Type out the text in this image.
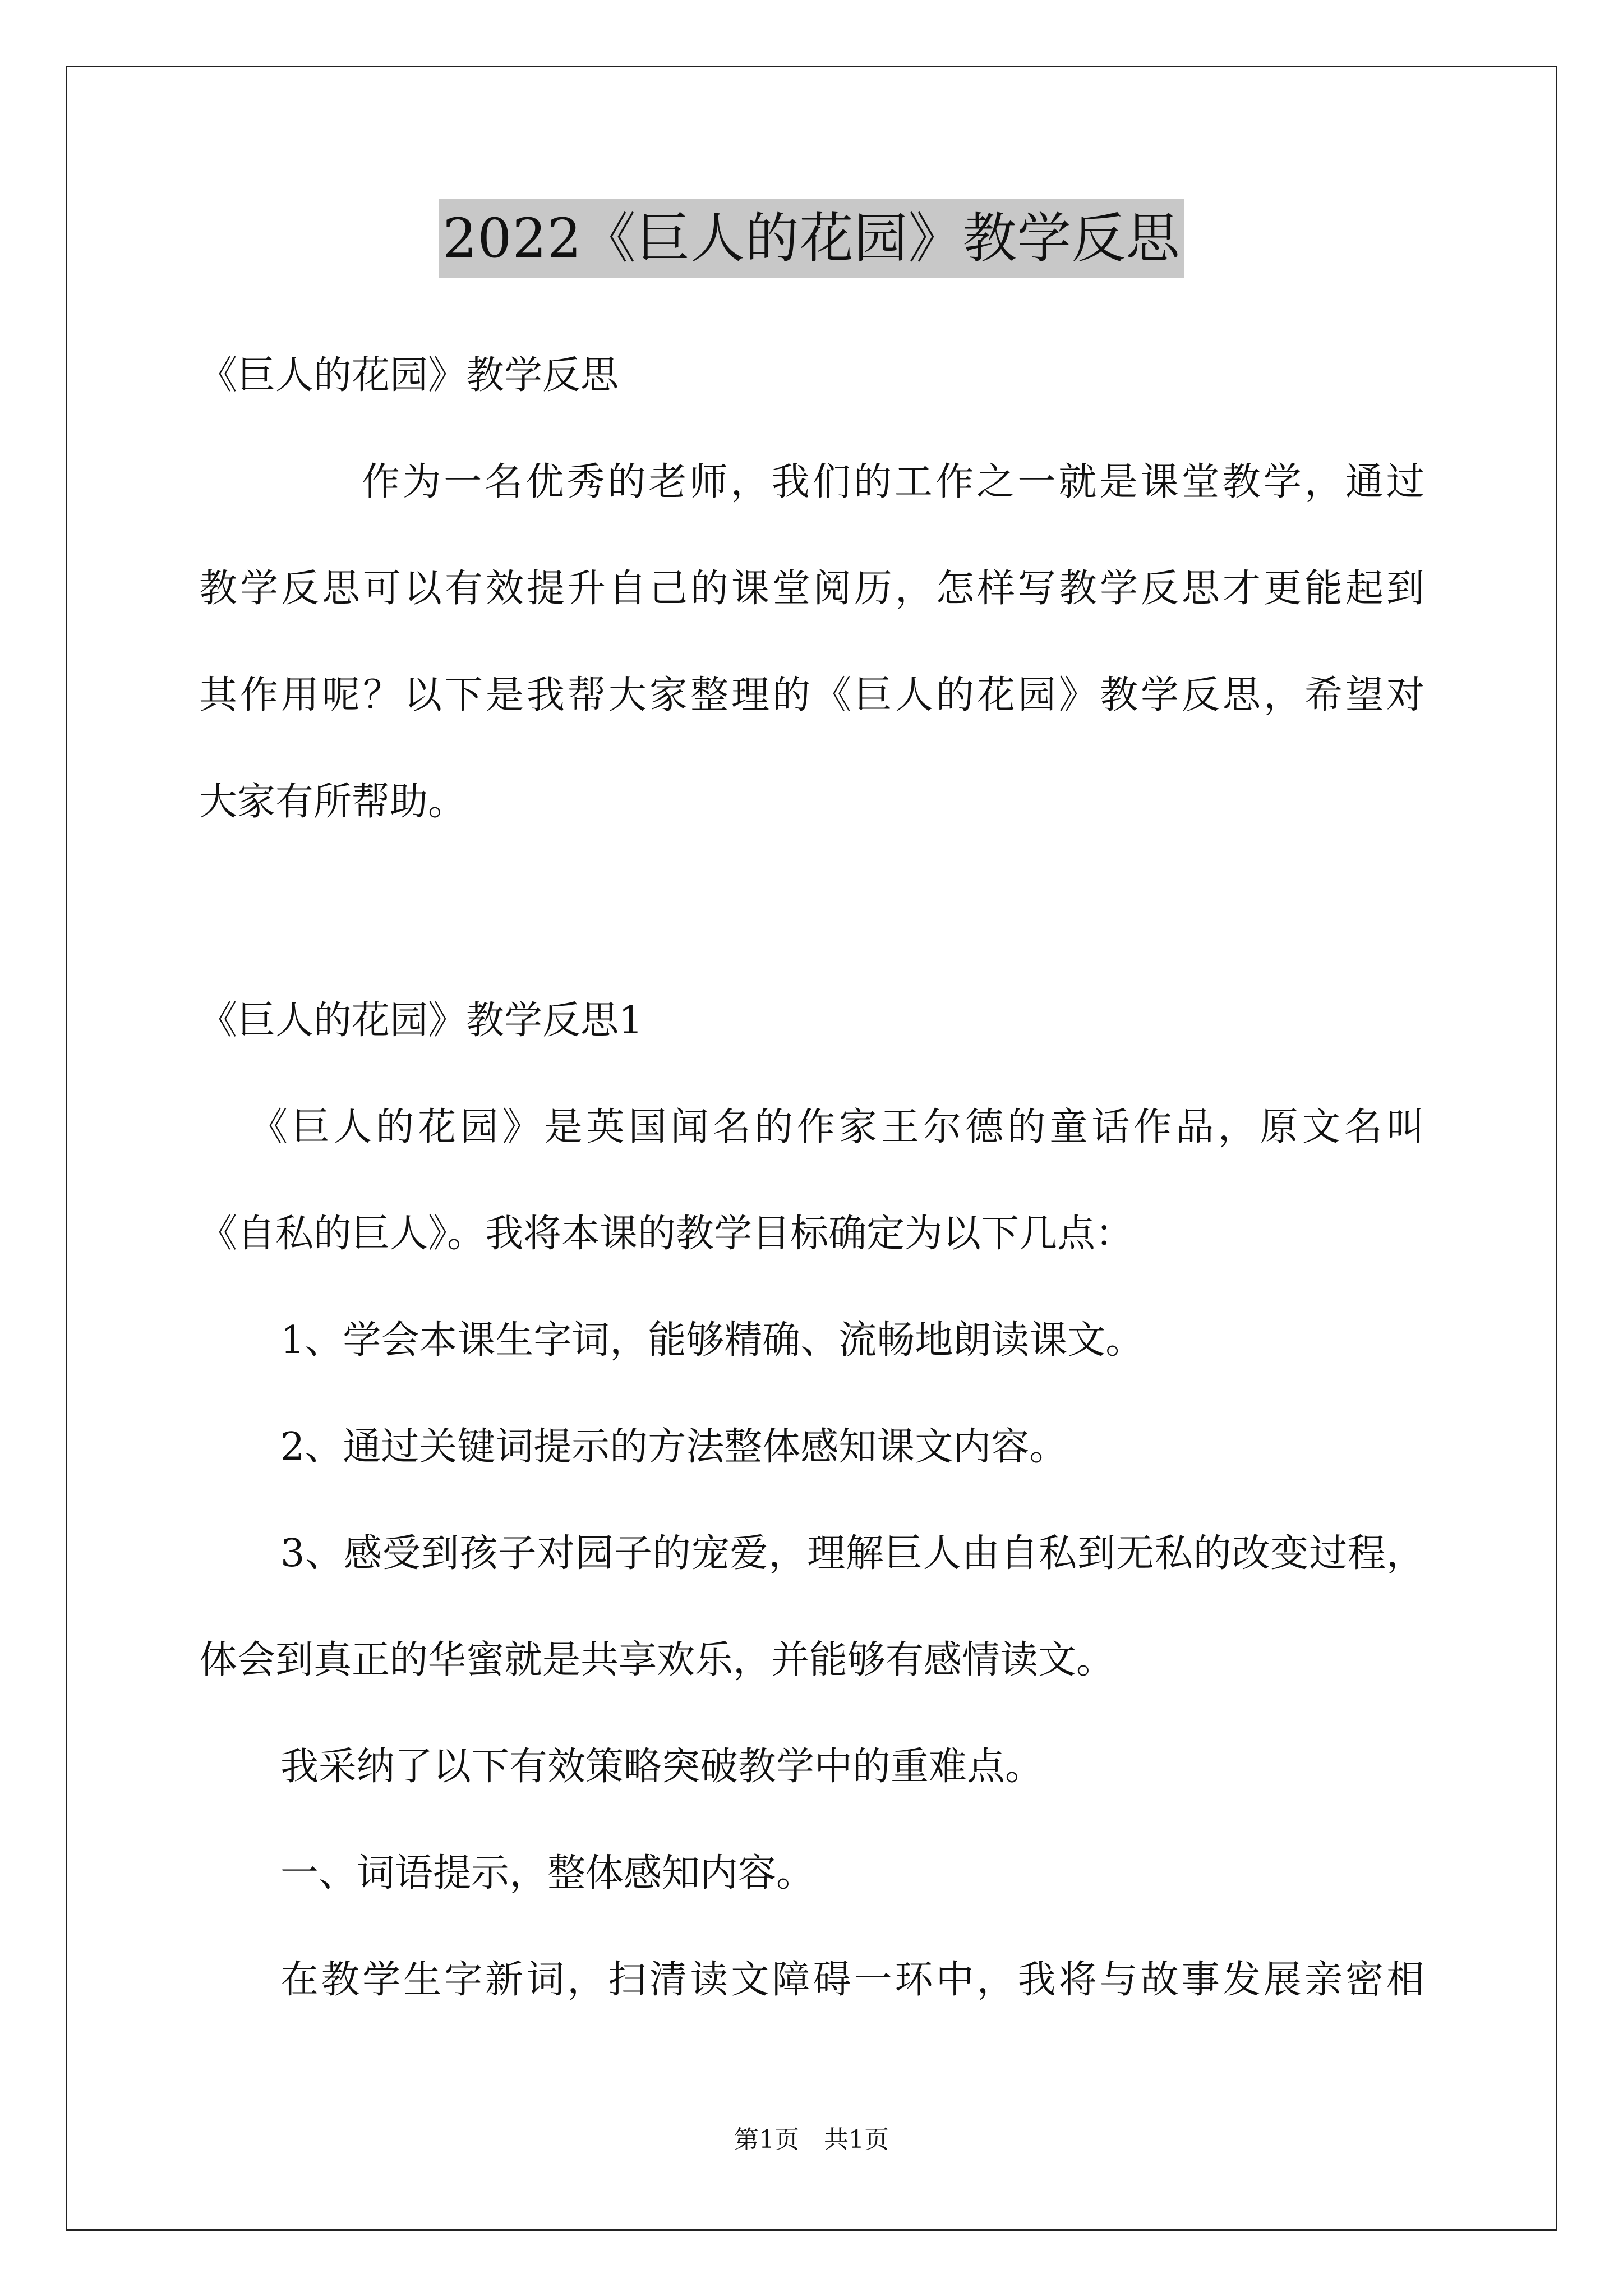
2022《巨人的花园》教学反思

《巨人的花园》教学反思

作为一名优秀的老师，我们的工作之一就是课堂教学，通过

教学反思可以有效提升自己的课堂阅历，怎样写教学反思才更能起到

其作用呢？以下是我帮大家整理的《巨人的花园》教学反思，希望对

大家有所帮助。

《巨人的花园》教学反思1

《巨人的花园》是英国闻名的作家王尔德的童话作品，原文名叫

《自私的巨人》。我将本课的教学目标确定为以下几点：

1、学会本课生字词，能够精确、流畅地朗读课文。

2、通过关键词提示的方法整体感知课文内容。

3、感受到孩子对园子的宠爱，理解巨人由自私到无私的改变过程，

体会到真正的华蜜就是共享欢乐，并能够有感情读文。

我采纳了以下有效策略突破教学中的重难点。

一、词语提示，整体感知内容。

在教学生字新词，扫清读文障碍一环中，我将与故事发展亲密相

第1页　共1页
